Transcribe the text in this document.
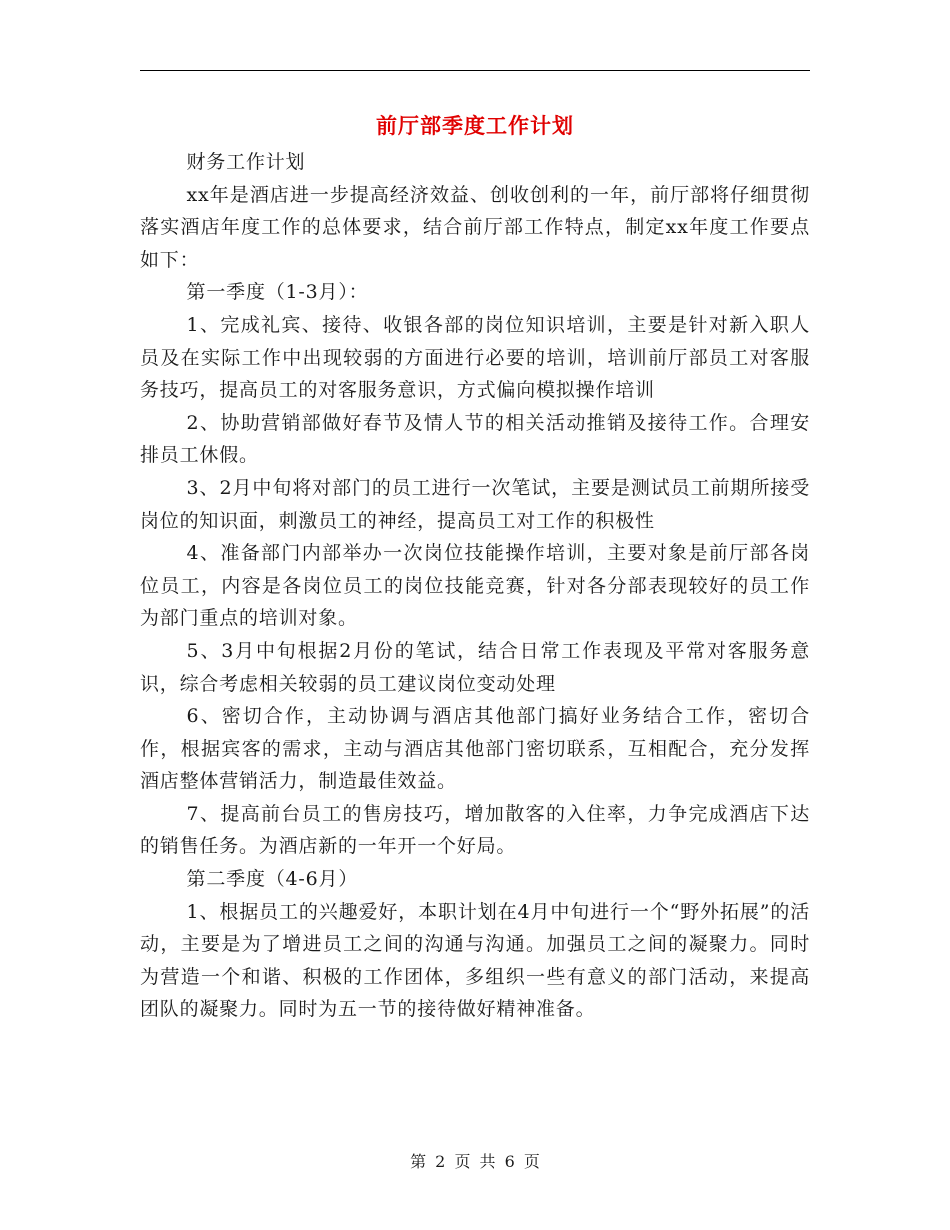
前厅部季度工作计划

财务工作计划

xx年是酒店进一步提高经济效益、创收创利的一年，前厅部将仔细贯彻落实酒店年度工作的总体要求，结合前厅部工作特点，制定xx年度工作要点如下：

第一季度（1-3月）：

1、完成礼宾、接待、收银各部的岗位知识培训，主要是针对新入职人员及在实际工作中出现较弱的方面进行必要的培训，培训前厅部员工对客服务技巧，提高员工的对客服务意识，方式偏向模拟操作培训

2、协助营销部做好春节及情人节的相关活动推销及接待工作。合理安排员工休假。

3、2月中旬将对部门的员工进行一次笔试，主要是测试员工前期所接受岗位的知识面，刺激员工的神经，提高员工对工作的积极性

4、准备部门内部举办一次岗位技能操作培训，主要对象是前厅部各岗位员工，内容是各岗位员工的岗位技能竞赛，针对各分部表现较好的员工作为部门重点的培训对象。

5、3月中旬根据2月份的笔试，结合日常工作表现及平常对客服务意识，综合考虑相关较弱的员工建议岗位变动处理

6、密切合作，主动协调与酒店其他部门搞好业务结合工作，密切合作，根据宾客的需求，主动与酒店其他部门密切联系，互相配合，充分发挥酒店整体营销活力，制造最佳效益。

7、提高前台员工的售房技巧，增加散客的入住率，力争完成酒店下达的销售任务。为酒店新的一年开一个好局。

第二季度（4-6月）

1、根据员工的兴趣爱好，本职计划在4月中旬进行一个“野外拓展”的活动，主要是为了增进员工之间的沟通与沟通。加强员工之间的凝聚力。同时为营造一个和谐、积极的工作团体，多组织一些有意义的部门活动，来提高团队的凝聚力。同时为五一节的接待做好精神准备。

第 2 页 共 6 页
